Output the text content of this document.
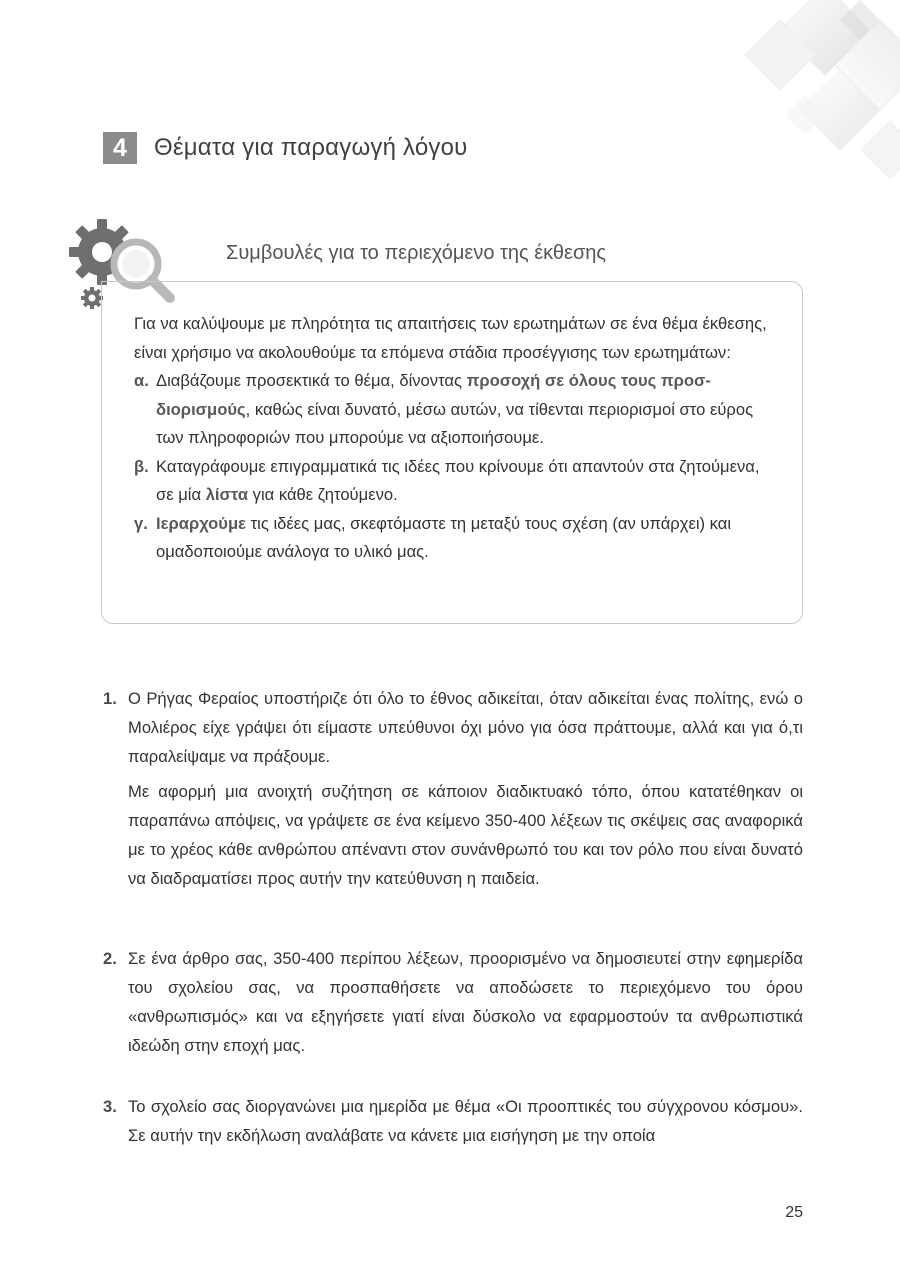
4	Θέματα για παραγωγή λόγου
Συμβουλές για το περιεχόμενο της έκθεσης

Για να καλύψουμε με πληρότητα τις απαιτήσεις των ερωτημάτων σε ένα θέμα έκθεσης, είναι χρήσιμο να ακολουθούμε τα επόμενα στάδια προσέγγισης των ερωτημάτων:

α. Διαβάζουμε προσεκτικά το θέμα, δίνοντας προσοχή σε όλους τους προσδιορισμούς, καθώς είναι δυνατό, μέσω αυτών, να τίθενται περιορισμοί στο εύρος των πληροφοριών που μπορούμε να αξιοποιήσουμε.
β. Καταγράφουμε επιγραμματικά τις ιδέες που κρίνουμε ότι απαντούν στα ζητούμενα, σε μία λίστα για κάθε ζητούμενο.
γ. Ιεραρχούμε τις ιδέες μας, σκεφτόμαστε τη μεταξύ τους σχέση (αν υπάρχει) και ομαδοποιούμε ανάλογα το υλικό μας.
1. Ο Ρήγας Φεραίος υποστήριζε ότι όλο το έθνος αδικείται, όταν αδικείται ένας πολίτης, ενώ ο Μολιέρος είχε γράψει ότι είμαστε υπεύθυνοι όχι μόνο για όσα πράττουμε, αλλά και για ό,τι παραλείψαμε να πράξουμε.

Με αφορμή μια ανοιχτή συζήτηση σε κάποιον διαδικτυακό τόπο, όπου κατατέθηκαν οι παραπάνω απόψεις, να γράψετε σε ένα κείμενο 350-400 λέξεων τις σκέψεις σας αναφορικά με το χρέος κάθε ανθρώπου απέναντι στον συνάνθρωπό του και τον ρόλο που είναι δυνατό να διαδραματίσει προς αυτήν την κατεύθυνση η παιδεία.

2. Σε ένα άρθρο σας, 350-400 περίπου λέξεων, προορισμένο να δημοσιευτεί στην εφημερίδα του σχολείου σας, να προσπαθήσετε να αποδώσετε το περιεχόμενο του όρου «ανθρωπισμός» και να εξηγήσετε γιατί είναι δύσκολο να εφαρμοστούν τα ανθρωπιστικά ιδεώδη στην εποχή μας.

3. Το σχολείο σας διοργανώνει μια ημερίδα με θέμα «Οι προοπτικές του σύγχρονου κόσμου». Σε αυτήν την εκδήλωση αναλάβατε να κάνετε μια εισήγηση με την οποία

25
